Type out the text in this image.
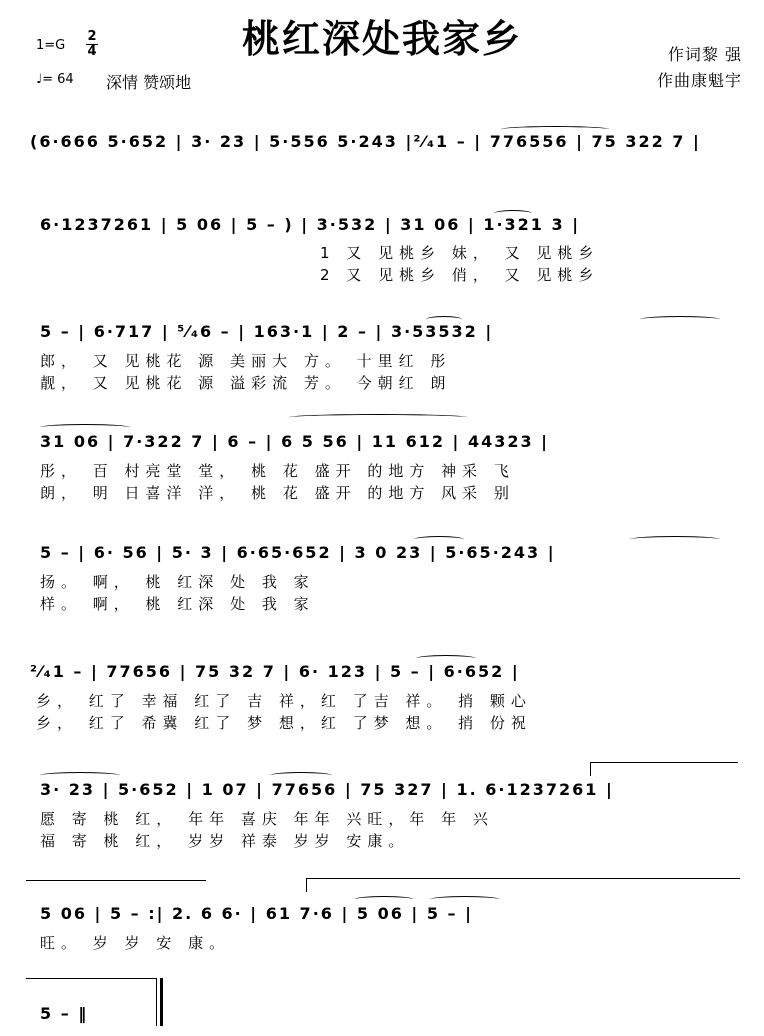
桃红深处我家乡
1=G
2
4
♩= 64 深情 赞颂地
作词黎 强
作曲康魁宇
(6·666 5·652 | 3· 23 | 5·556 5·243 |²⁄₄1 – | 776556 | 75 322 7 |
6·1237261 | 5 06 | 5 – ) | 3·532 | 31 06 | 1·321 3 |
1 又 见桃乡 妹， 又 见桃乡
2 又 见桃乡 俏， 又 见桃乡
5 – | 6·717 | ⁵⁄₄6 – | 163·1 | 2 – | 3·53532 |
郎， 又 见桃花 源 美丽大 方。 十里红 彤
靓， 又 见桃花 源 溢彩流 芳。 今朝红 朗
31 06 | 7·322 7 | 6 – | 6 5 56 | 11 612 | 44323 |
彤， 百 村亮堂 堂， 桃 花 盛开 的地方 神采 飞
朗， 明 日喜洋 洋， 桃 花 盛开 的地方 风采 别
5 – | 6· 56 | 5· 3 | 6·65·652 | 3 0 23 | 5·65·243 |
扬。 啊， 桃 红深 处 我 家
样。 啊， 桃 红深 处 我 家
²⁄₄1 – | 77656 | 75 32 7 | 6· 123 | 5 – | 6·652 |
乡， 红了 幸福 红了 吉 祥，红 了吉 祥。 捎 颗心
乡， 红了 希冀 红了 梦 想，红 了梦 想。 捎 份祝
3· 23 | 5·652 | 1 07 | 77656 | 75 327 | 1. 6·1237261 |
愿 寄 桃 红， 年年 喜庆 年年 兴旺，年 年 兴
福 寄 桃 红， 岁岁 祥泰 岁岁 安康。
5 06 | 5 – :| 2. 6 6· | 61 7·6 | 5 06 | 5 – |
旺。 岁 岁 安 康。
5 – ‖
